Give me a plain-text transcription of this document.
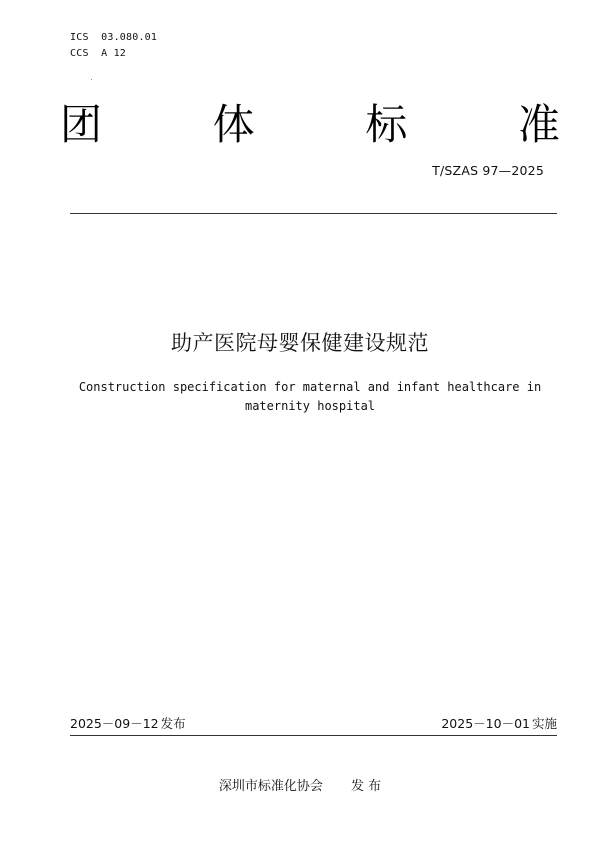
ICS 03.080.01
CCS A 12
团	体	标	准
T/SZAS 97—2025
助产医院母婴保健建设规范
Construction specification for maternal and infant healthcare in
maternity hospital
2025－09－12 发布	2025－10－01 实施
深圳市标准化协会 发 布
